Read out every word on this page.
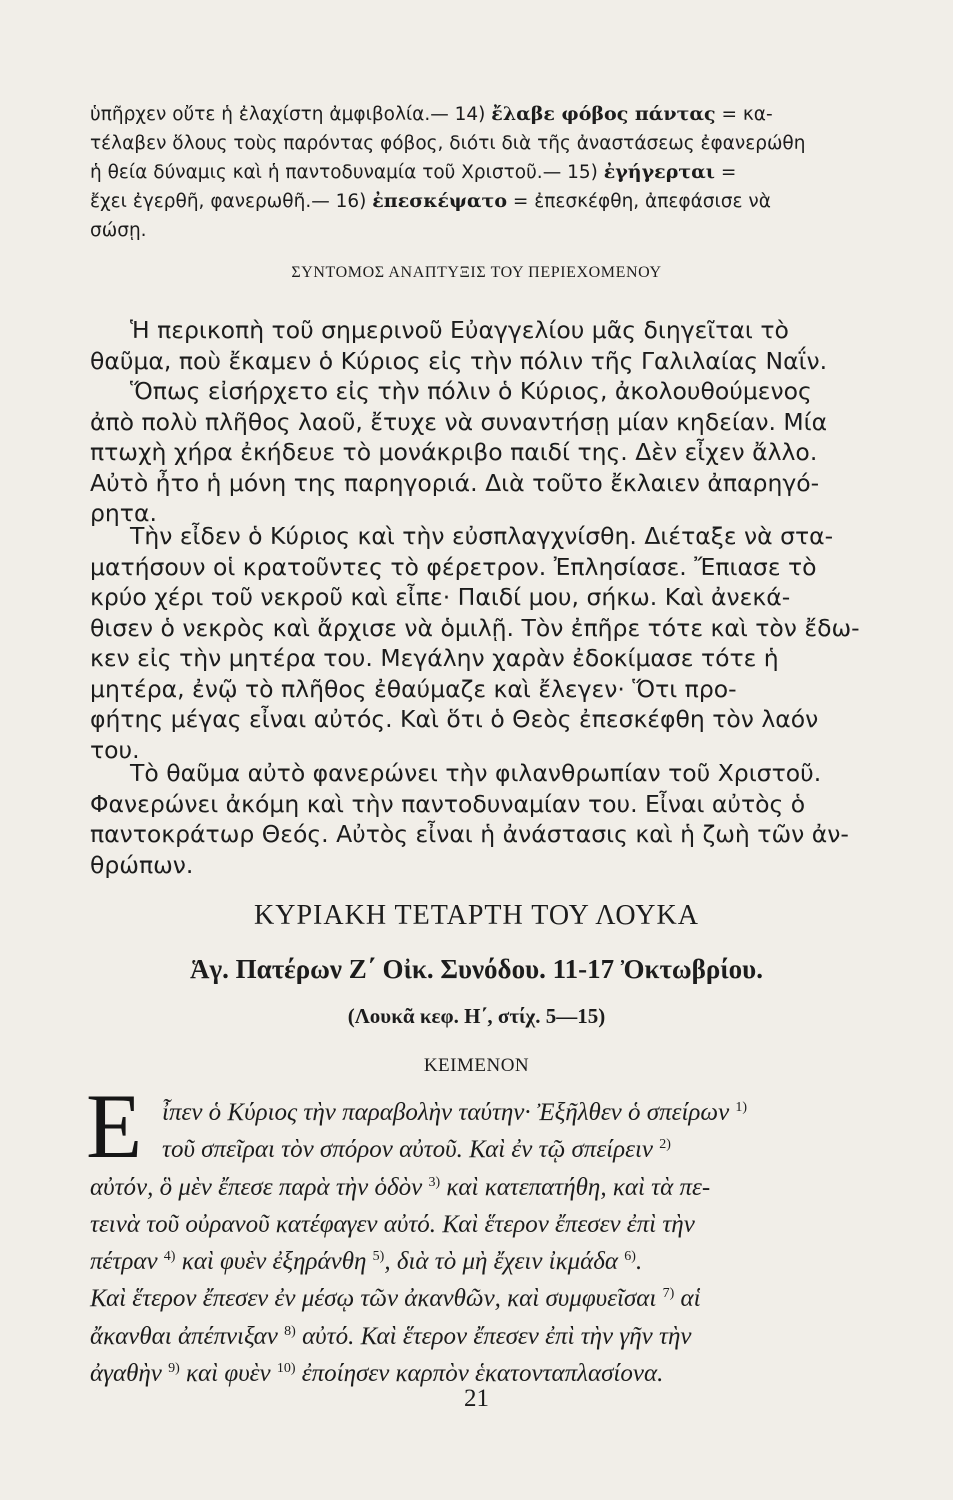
ὑπῆρχεν οὔτε ἡ ἐλαχίστη ἀμφιβολία.— 14) ἔλαβε φόβος πάντας = κα-

τέλαβεν ὅλους τοὺς παρόντας φόβος, διότι διὰ τῆς ἀναστάσεως ἐφανερώθη

ἡ θεία δύναμις καὶ ἡ παντοδυναμία τοῦ Χριστοῦ.— 15) ἐγήγερται =

ἔχει ἐγερθῆ, φανερωθῆ.— 16) ἐπεσκέψατο = ἐπεσκέφθη, ἀπεφάσισε νὰ

σώσῃ.

ΣΥΝΤΟΜΟΣ ΑΝΑΠΤΥΞΙΣ ΤΟΥ ΠΕΡΙΕΧΟΜΕΝΟΥ

Ἡ περικοπὴ τοῦ σημερινοῦ Εὐαγγελίου μᾶς διηγεῖται τὸ

θαῦμα, ποὺ ἔκαμεν ὁ Κύριος εἰς τὴν πόλιν τῆς Γαλιλαίας Ναΐν.

Ὅπως εἰσήρχετο εἰς τὴν πόλιν ὁ Κύριος, ἀκολουθούμενος

ἀπὸ πολὺ πλῆθος λαοῦ, ἔτυχε νὰ συναντήσῃ μίαν κηδείαν. Μία

πτωχὴ χήρα ἐκήδευε τὸ μονάκριβο παιδί της. Δὲν εἶχεν ἄλλο.

Αὐτὸ ἦτο ἡ μόνη της παρηγοριά. Διὰ τοῦτο ἔκλαιεν ἀπαρηγό-

ρητα.

Τὴν εἶδεν ὁ Κύριος καὶ τὴν εὐσπλαγχνίσθη. Διέταξε νὰ στα-

ματήσουν οἱ κρατοῦντες τὸ φέρετρον. Ἐπλησίασε. Ἔπιασε τὸ

κρύο χέρι τοῦ νεκροῦ καὶ εἶπε· Παιδί μου, σήκω. Καὶ ἀνεκά-

θισεν ὁ νεκρὸς καὶ ἄρχισε νὰ ὁμιλῇ. Τὸν ἐπῆρε τότε καὶ τὸν ἔδω-

κεν εἰς τὴν μητέρα του. Μεγάλην χαρὰν ἐδοκίμασε τότε ἡ

μητέρα, ἐνῷ τὸ πλῆθος ἐθαύμαζε καὶ ἔλεγεν· Ὅτι προ-

φήτης μέγας εἶναι αὐτός. Καὶ ὅτι ὁ Θεὸς ἐπεσκέφθη τὸν λαόν

του.

Τὸ θαῦμα αὐτὸ φανερώνει τὴν φιλανθρωπίαν τοῦ Χριστοῦ.

Φανερώνει ἀκόμη καὶ τὴν παντοδυναμίαν του. Εἶναι αὐτὸς ὁ

παντοκράτωρ Θεός. Αὐτὸς εἶναι ἡ ἀνάστασις καὶ ἡ ζωὴ τῶν ἀν-

θρώπων.

ΚΥΡΙΑΚΗ ΤΕΤΑΡΤΗ ΤΟΥ ΛΟΥΚΑ
Ἁγ. Πατέρων Ζ΄ Οἰκ. Συνόδου. 11-17 Ὀκτωβρίου.
(Λουκᾶ κεφ. Η΄, στίχ. 5—15)
ΚΕΙΜΕΝΟΝ
Ε ἶπεν ὁ Κύριος τὴν παραβολὴν ταύτην· Ἐξῆλθεν ὁ σπείρων $^{1)}$

τοῦ σπεῖραι τὸν σπόρον αὐτοῦ. Καὶ ἐν τῷ σπείρειν $^{2)}$

αὐτόν, ὃ μὲν ἔπεσε παρὰ τὴν ὁδὸν $^{3)}$ καὶ κατεπατήθη, καὶ τὰ πε-

τεινὰ τοῦ οὐρανοῦ κατέφαγεν αὐτό. Καὶ ἕτερον ἔπεσεν ἐπὶ τὴν

πέτραν $^{4)}$ καὶ φυὲν ἐξηράνθη $^{5)}$, διὰ τὸ μὴ ἔχειν ἰκμάδα $^{6)}$.

Καὶ ἕτερον ἔπεσεν ἐν μέσῳ τῶν ἀκανθῶν, καὶ συμφυεῖσαι $^{7)}$ αἱ

ἄκανθαι ἀπέπνιξαν $^{8)}$ αὐτό. Καὶ ἕτερον ἔπεσεν ἐπὶ τὴν γῆν τὴν

ἀγαθὴν $^{9)}$ καὶ φυὲν $^{10)}$ ἐποίησεν καρπὸν ἑκατονταπλασίονα.

21
